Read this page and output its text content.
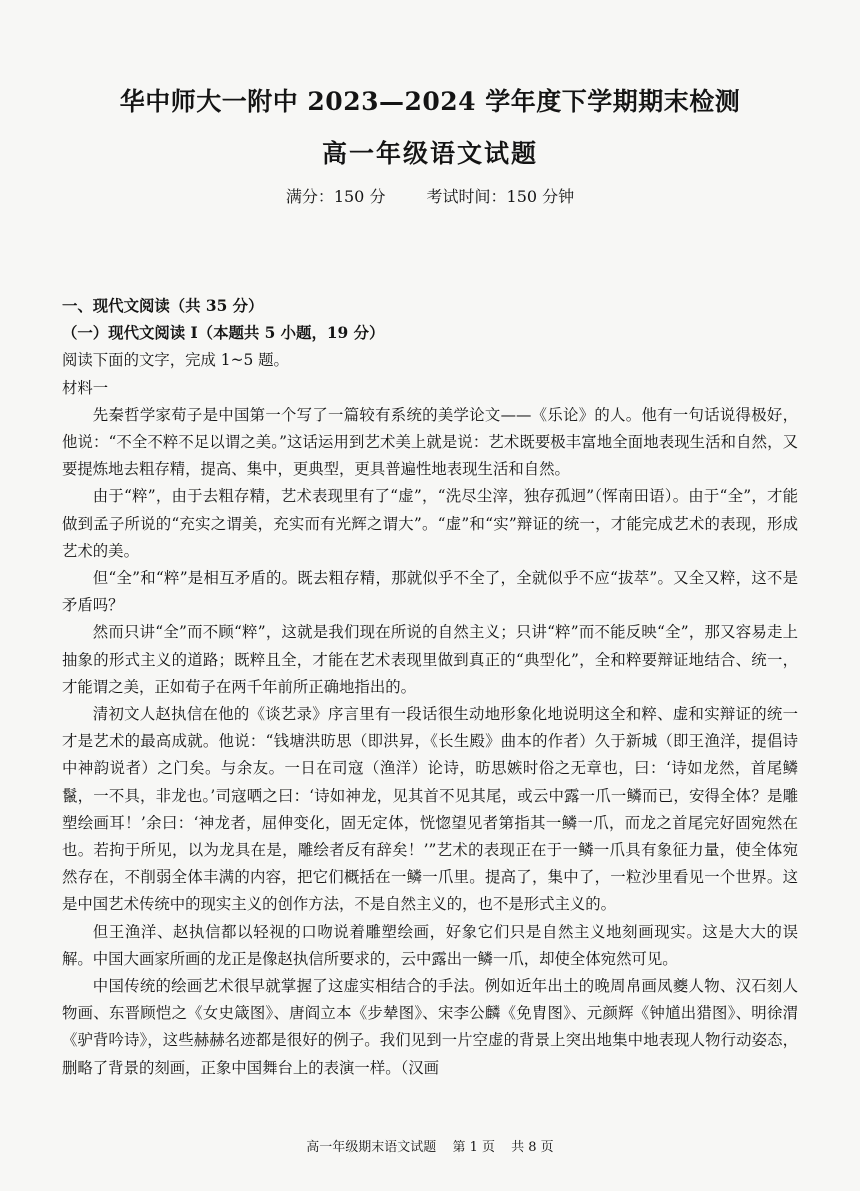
华中师大一附中 2023—2024 学年度下学期期末检测
高一年级语文试题
满分：150 分	考试时间：150 分钟

一、现代文阅读（共 35 分）

（一）现代文阅读 I（本题共 5 小题，19 分）

阅读下面的文字，完成 1~5 题。

材料一

先秦哲学家荀子是中国第一个写了一篇较有系统的美学论文——《乐论》的人。他有一句话说得极好，他说：“不全不粹不足以谓之美。”这话运用到艺术美上就是说：艺术既要极丰富地全面地表现生活和自然，又要提炼地去粗存精，提高、集中，更典型，更具普遍性地表现生活和自然。

由于“粹”，由于去粗存精，艺术表现里有了“虚”，“洗尽尘滓，独存孤迥”（恽南田语）。由于“全”，才能做到孟子所说的“充实之谓美，充实而有光辉之谓大”。“虚”和“实”辩证的统一，才能完成艺术的表现，形成艺术的美。

但“全”和“粹”是相互矛盾的。既去粗存精，那就似乎不全了，全就似乎不应“拔萃”。又全又粹，这不是矛盾吗？

然而只讲“全”而不顾“粹”，这就是我们现在所说的自然主义；只讲“粹”而不能反映“全”，那又容易走上抽象的形式主义的道路；既粹且全，才能在艺术表现里做到真正的“典型化”，全和粹要辩证地结合、统一，才能谓之美，正如荀子在两千年前所正确地指出的。

清初文人赵执信在他的《谈艺录》序言里有一段话很生动地形象化地说明这全和粹、虚和实辩证的统一才是艺术的最高成就。他说：“钱塘洪昉思（即洪昇，《长生殿》曲本的作者）久于新城（即王渔洋，提倡诗中神韵说者）之门矣。与余友。一日在司寇（渔洋）论诗，昉思嫉时俗之无章也，曰：‘诗如龙然，首尾鳞鬣，一不具，非龙也。’司寇哂之曰：‘诗如神龙，见其首不见其尾，或云中露一爪一鳞而已，安得全体？是雕塑绘画耳！’余曰：‘神龙者，屈伸变化，固无定体，恍惚望见者第指其一鳞一爪，而龙之首尾完好固宛然在也。若拘于所见，以为龙具在是，雕绘者反有辞矣！’”艺术的表现正在于一鳞一爪具有象征力量，使全体宛然存在，不削弱全体丰满的内容，把它们概括在一鳞一爪里。提高了，集中了，一粒沙里看见一个世界。这是中国艺术传统中的现实主义的创作方法，不是自然主义的，也不是形式主义的。

但王渔洋、赵执信都以轻视的口吻说着雕塑绘画，好象它们只是自然主义地刻画现实。这是大大的误解。中国大画家所画的龙正是像赵执信所要求的，云中露出一鳞一爪，却使全体宛然可见。

中国传统的绘画艺术很早就掌握了这虚实相结合的手法。例如近年出土的晚周帛画凤夔人物、汉石刻人物画、东晋顾恺之《女史箴图》、唐阎立本《步辇图》、宋李公麟《免胄图》、元颜辉《钟馗出猎图》、明徐渭《驴背吟诗》，这些赫赫名迹都是很好的例子。我们见到一片空虚的背景上突出地集中地表现人物行动姿态，删略了背景的刻画，正象中国舞台上的表演一样。（汉画

高一年级期末语文试题 第 1 页 共 8 页
